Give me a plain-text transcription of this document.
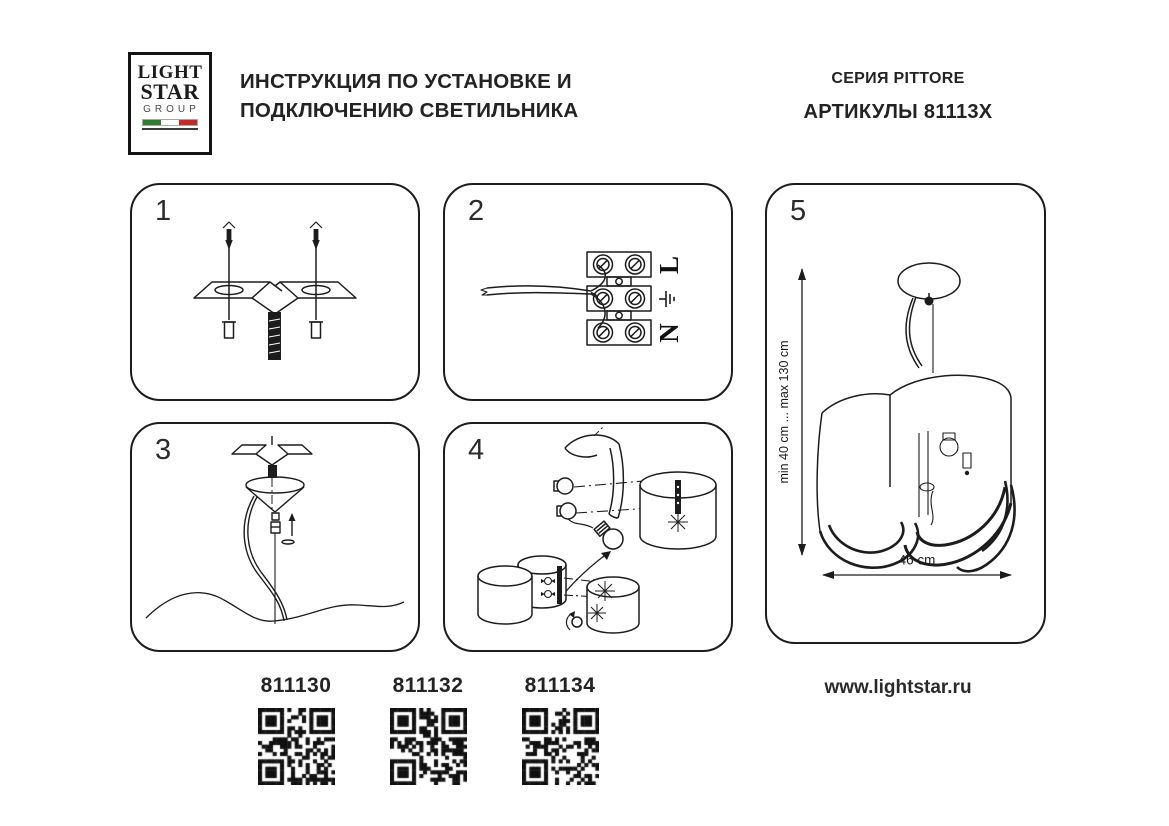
LIGHT
STAR
GROUP
ИНСТРУКЦИЯ ПО УСТАНОВКЕ И
ПОДКЛЮЧЕНИЮ СВЕТИЛЬНИКА
СЕРИЯ PITTORE
АРТИКУЛЫ 81113X
1	2
L
N
3	4
5
min 40 cm ... max 130 cm
46 cm
811130	811132	811134	www.lightstar.ru
